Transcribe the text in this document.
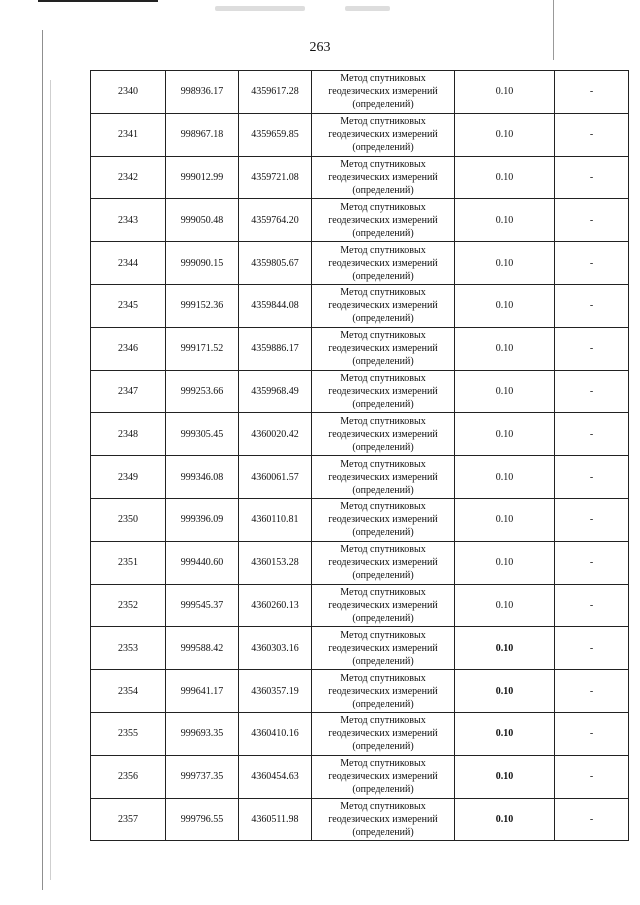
263
2340	998936.17	4359617.28	Метод спутниковых
геодезических измерений
(определений)	0.10	-
2341	998967.18	4359659.85	Метод спутниковых
геодезических измерений
(определений)	0.10	-
2342	999012.99	4359721.08	Метод спутниковых
геодезических измерений
(определений)	0.10	-
2343	999050.48	4359764.20	Метод спутниковых
геодезических измерений
(определений)	0.10	-
2344	999090.15	4359805.67	Метод спутниковых
геодезических измерений
(определений)	0.10	-
2345	999152.36	4359844.08	Метод спутниковых
геодезических измерений
(определений)	0.10	-
2346	999171.52	4359886.17	Метод спутниковых
геодезических измерений
(определений)	0.10	-
2347	999253.66	4359968.49	Метод спутниковых
геодезических измерений
(определений)	0.10	-
2348	999305.45	4360020.42	Метод спутниковых
геодезических измерений
(определений)	0.10	-
2349	999346.08	4360061.57	Метод спутниковых
геодезических измерений
(определений)	0.10	-
2350	999396.09	4360110.81	Метод спутниковых
геодезических измерений
(определений)	0.10	-
2351	999440.60	4360153.28	Метод спутниковых
геодезических измерений
(определений)	0.10	-
2352	999545.37	4360260.13	Метод спутниковых
геодезических измерений
(определений)	0.10	-
2353	999588.42	4360303.16	Метод спутниковых
геодезических измерений
(определений)	0.10	-
2354	999641.17	4360357.19	Метод спутниковых
геодезических измерений
(определений)	0.10	-
2355	999693.35	4360410.16	Метод спутниковых
геодезических измерений
(определений)	0.10	-
2356	999737.35	4360454.63	Метод спутниковых
геодезических измерений
(определений)	0.10	-
2357	999796.55	4360511.98	Метод спутниковых
геодезических измерений
(определений)	0.10	-
